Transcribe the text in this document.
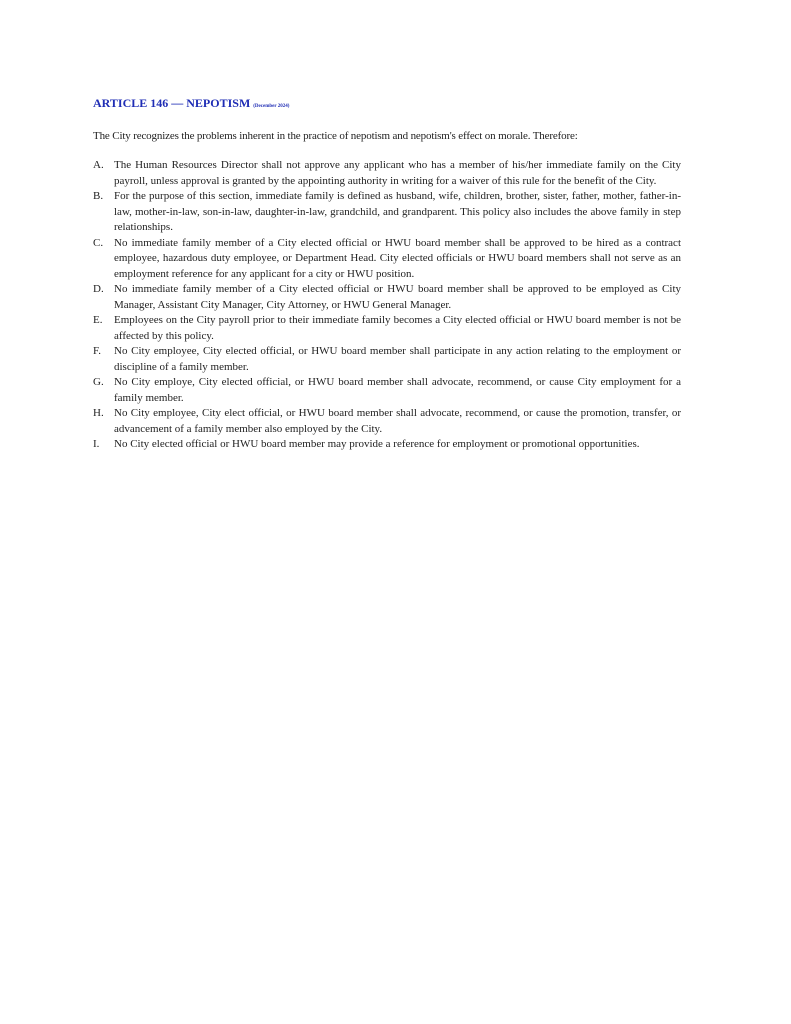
ARTICLE 146 — NEPOTISM (December 2024)

The City recognizes the problems inherent in the practice of nepotism and nepotism's effect on morale. Therefore:

A. The Human Resources Director shall not approve any applicant who has a member of his/her immediate family on the City payroll, unless approval is granted by the appointing authority in writing for a waiver of this rule for the benefit of the City.
B. For the purpose of this section, immediate family is defined as husband, wife, children, brother, sister, father, mother, father-in-law, mother-in-law, son-in-law, daughter-in-law, grandchild, and grandparent. This policy also includes the above family in step relationships.
C. No immediate family member of a City elected official or HWU board member shall be approved to be hired as a contract employee, hazardous duty employee, or Department Head. City elected officials or HWU board members shall not serve as an employment reference for any applicant for a city or HWU position.
D. No immediate family member of a City elected official or HWU board member shall be approved to be employed as City Manager, Assistant City Manager, City Attorney, or HWU General Manager.
E.	Employees on the City payroll prior to their immediate family becomes a City elected official or HWU board member is not be affected by this policy.
F.	No City employee, City elected official, or HWU board member shall participate in any action relating to the employment or discipline of a family member.
G. No City employe, City elected official, or HWU board member shall advocate, recommend, or cause City employment for a family member.
H. No City employee, City elect official, or HWU board member shall advocate, recommend, or cause the promotion, transfer, or advancement of a family member also employed by the City.
I.	No City elected official or HWU board member may provide a reference for employment or promotional opportunities.
